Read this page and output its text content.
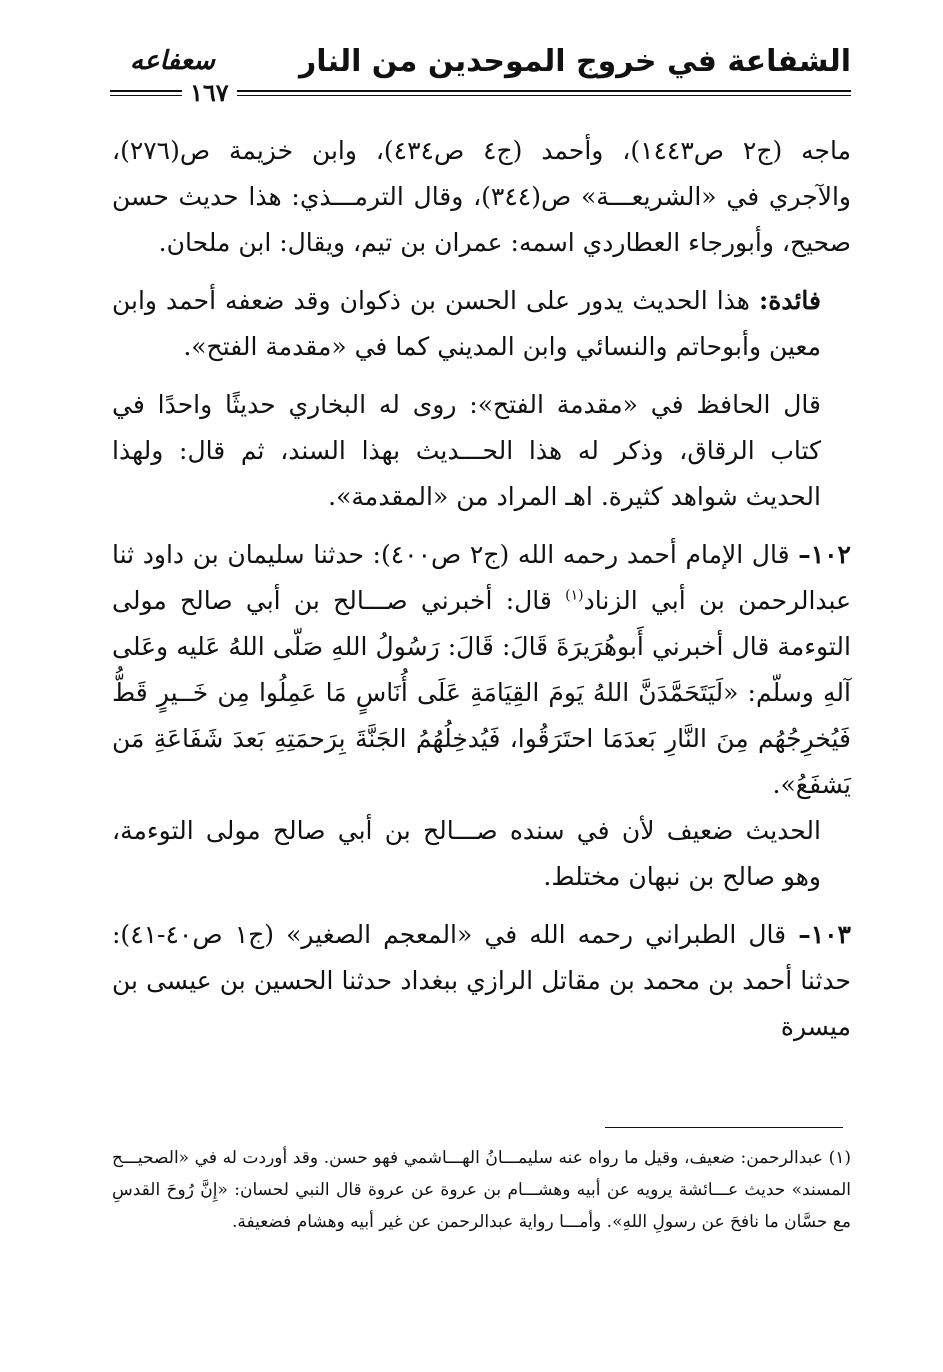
الشفاعة في خروج الموحدين من النار
سعفاعه
١٦٧

ماجه (ج٢ ص١٤٤٣)، وأحمد (ج٤ ص٤٣٤)، وابن خزيمة ص(٢٧٦)، والآجري في «الشريعـــة» ص(٣٤٤)، وقال الترمـــذي: هذا حديث حسن صحيح، وأبورجاء العطاردي اسمه: عمران بن تيم، ويقال: ابن ملحان.

فائدة: هذا الحديث يدور على الحسن بن ذكوان وقد ضعفه أحمد وابن معين وأبوحاتم والنسائي وابن المديني كما في «مقدمة الفتح».

قال الحافظ في «مقدمة الفتح»: روى له البخاري حديثًا واحدًا في كتاب الرقاق، وذكر له هذا الحـــديث بهذا السند، ثم قال: ولهذا الحديث شواهد كثيرة. اهـ المراد من «المقدمة».

١٠٢– قال الإمام أحمد رحمه الله (ج٢ ص٤٠٠): حدثنا سليمان بن داود ثنا عبدالرحمن بن أبي الزناد$^{(١)}$ قال: أخبرني صـــالح بن أبي صالح مولى التوءمة قال أخبرني أَبوهُرَيرَةَ قَالَ: قَالَ: رَسُولُ اللهِ صَلّى اللهُ عَليه وعَلى آلهِ وسلّم: «لَيَتَحَمَّدَنَّ اللهُ يَومَ القِيَامَةِ عَلَى أُنَاسٍ مَا عَمِلُوا مِن خَــيرٍ قَطُّ فَيُخرِجُهُم مِنَ النَّارِ بَعدَمَا احتَرَقُوا، فَيُدخِلُهُمُ الجَنَّةَ بِرَحمَتِهِ بَعدَ شَفَاعَةِ مَن يَشفَعُ».

الحديث ضعيف لأن في سنده صـــالح بن أبي صالح مولى التوءمة، وهو صالح بن نبهان مختلط.

١٠٣– قال الطبراني رحمه الله في «المعجم الصغير» (ج١ ص٤٠-٤١): حدثنا أحمد بن محمد بن مقاتل الرازي ببغداد حدثنا الحسين بن عيسى بن ميسرة

(١) عبدالرحمن: ضعيف، وقيل ما رواه عنه سليمـــانُ الهـــاشمي فهو حسن. وقد أوردت له في «الصحيـــح المسند» حديث عـــائشة يرويه عن أبيه وهشـــام بن عروة عن عروة قال النبي لحسان: «إِنَّ رُوحَ القدسِ مع حسَّان ما نافحَ عن رسولِ اللهِ». وأمـــا رواية عبدالرحمن عن غير أبيه وهشام فضعيفة.
